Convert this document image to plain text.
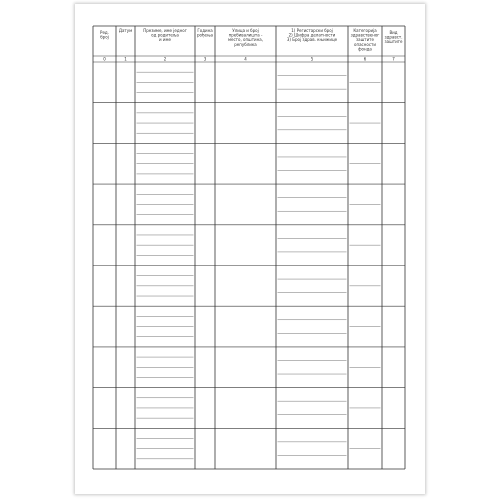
Ред.
број
0
Датум
1
Презиме, име једног
од родитеља
и име
2
Година
рођења
3
Улица и број
пребивалишта -
место, општина,
република
4
1) Регистарски број
2) Шифра делатности
3) Број здрав. књижице
5
Категорија
здравственог
заштите
опасности
фонда
6
Вид
здравст.
заштите
7
